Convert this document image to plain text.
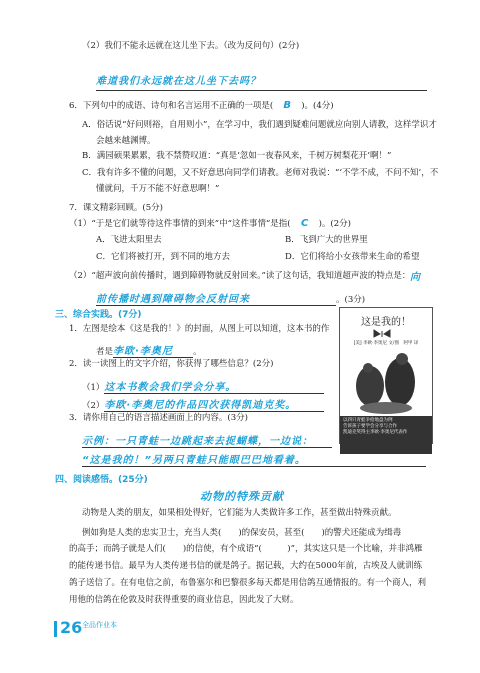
（2）我们不能永远就在这儿坐下去。（改为反问句）(2分)
难道我们永远就在这儿坐下去吗？
6．下列句中的成语、诗句和名言运用不正确的一项是( B )。(4分)
A．俗话说“好问则裕，自用则小”，在学习中，我们遇到疑难问题就应向别人请教，这样学识才
会越来越渊博。
B．满园硕果累累，我不禁赞叹道：“真是‘忽如一夜春风来，千树万树梨花开’啊！”
C．我有许多不懂的问题，又不好意思向同学们请教。老师对我说：“‘不学不成，不问不知’，不
懂就问，千万不能不好意思啊！”
7．课文精彩回顾。(5分)
（1）“于是它们就等待这件事情的到来”中“这件事情”是指( C )。(2分)
A．飞进太阳里去	B．飞到广大的世界里
C．它们将被打开，到不同的地方去	D．它们将给小女孩带来生命的希望
（2）“超声波向前传播时，遇到障碍物就反射回来。”读了这句话，我知道超声波的特点是： 向
前传播时遇到障碍物会反射回来	。(3分)
三、综合实践。(7分)
1．左图是绘本《这是我的！》的封面，从图上可以知道，这本书的作
者是李欧·李奥尼 。
2．读一读图上的文字介绍，你获得了哪些信息？(2分)
（1）这本书教会我们学会分享。
（2）李欧·李奥尼的作品四次获得凯迪克奖。
3．请你用自己的语言描述画面上的内容。(3分)
示例：一只青蛙一边跳起来去捉蝴蝶，一边说：
“这是我的！”另两只青蛙只能眼巴巴地看着。
这是我的！
[美] 李欧·李奥尼 文/图　阿甲 译
以四只青蛙争抢地盘为例
告诉孩子要学会分享与合作
凯迪克奖得主李欧·李奥尼代表作
四、阅读感悟。(25分)
动物的特殊贡献
动物是人类的朋友，如果相处得好，它们能为人类做许多工作，甚至做出特殊贡献。
例如狗是人类的忠实卫士，充当人类(　　)的保安员，甚至(　　)的警犬还能成为缉毒
的高手；而鸽子就是人们(　　)的信使，有个成语“(　　　)”，其实这只是一个比喻，并非鸿雁
的能传递书信。最早为人类传递书信的就是鸽子。据记载，大约在5000年前，古埃及人就训练
鸽子送信了。在有电信之前，布鲁塞尔和巴黎很多每天都是用信鸽互通情报的。有一个商人，利
用他的信鸽在伦敦及时获得重要的商业信息，因此发了大财。
26 全品作业本
